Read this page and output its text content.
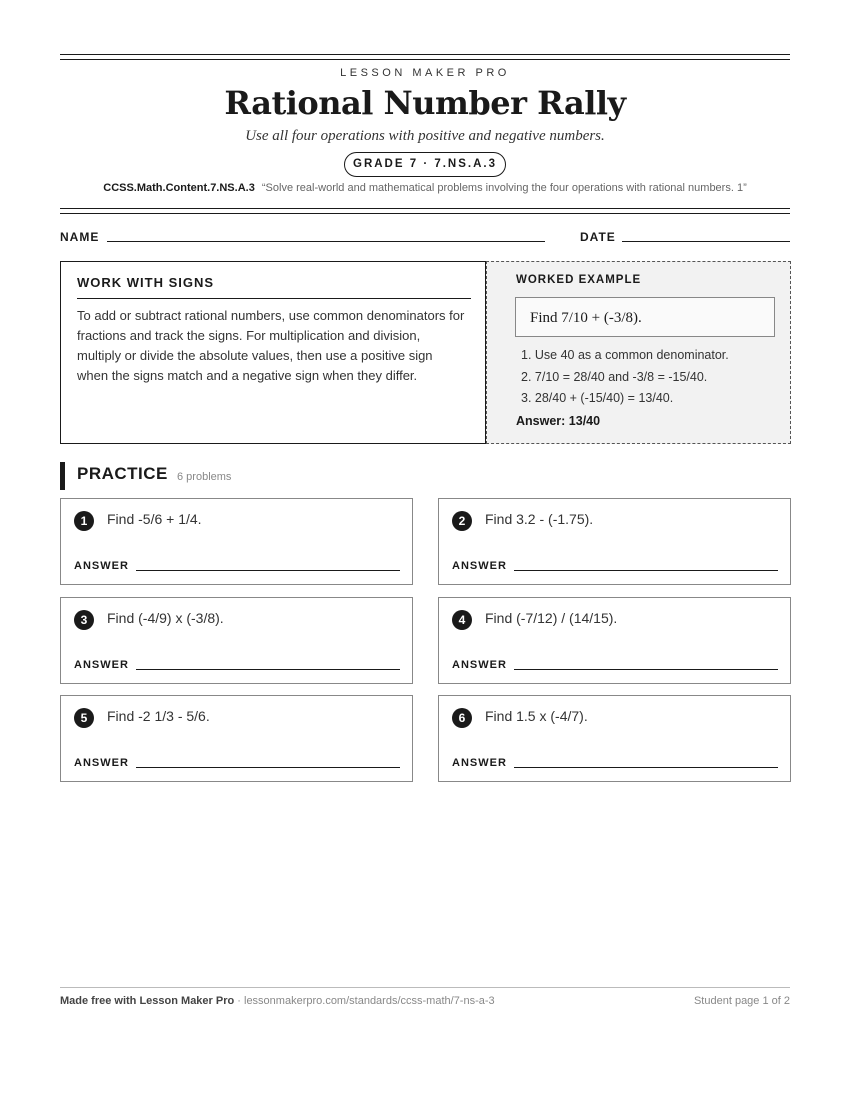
LESSON MAKER PRO
Rational Number Rally
Use all four operations with positive and negative numbers.
GRADE 7 · 7.NS.A.3
CCSS.Math.Content.7.NS.A.3 “Solve real-world and mathematical problems involving the four operations with rational numbers. 1”
NAME	DATE
WORK WITH SIGNS
To add or subtract rational numbers, use common denominators for fractions and track the signs. For multiplication and division, multiply or divide the absolute values, then use a positive sign when the signs match and a negative sign when they differ.
WORKED EXAMPLE
Find 7/10 + (-3/8).
1. Use 40 as a common denominator.
2. 7/10 = 28/40 and -3/8 = -15/40.
3. 28/40 + (-15/40) = 13/40.
Answer: 13/40
PRACTICE 6 problems
1	Find -5/6 + 1/4.
ANSWER
2	Find 3.2 - (-1.75).
ANSWER
3	Find (-4/9) x (-3/8).
ANSWER
4	Find (-7/12) / (14/15).
ANSWER
5	Find -2 1/3 - 5/6.
ANSWER
6	Find 1.5 x (-4/7).
ANSWER
Made free with Lesson Maker Pro · lessonmakerpro.com/standards/ccss-math/7-ns-a-3	Student page 1 of 2
